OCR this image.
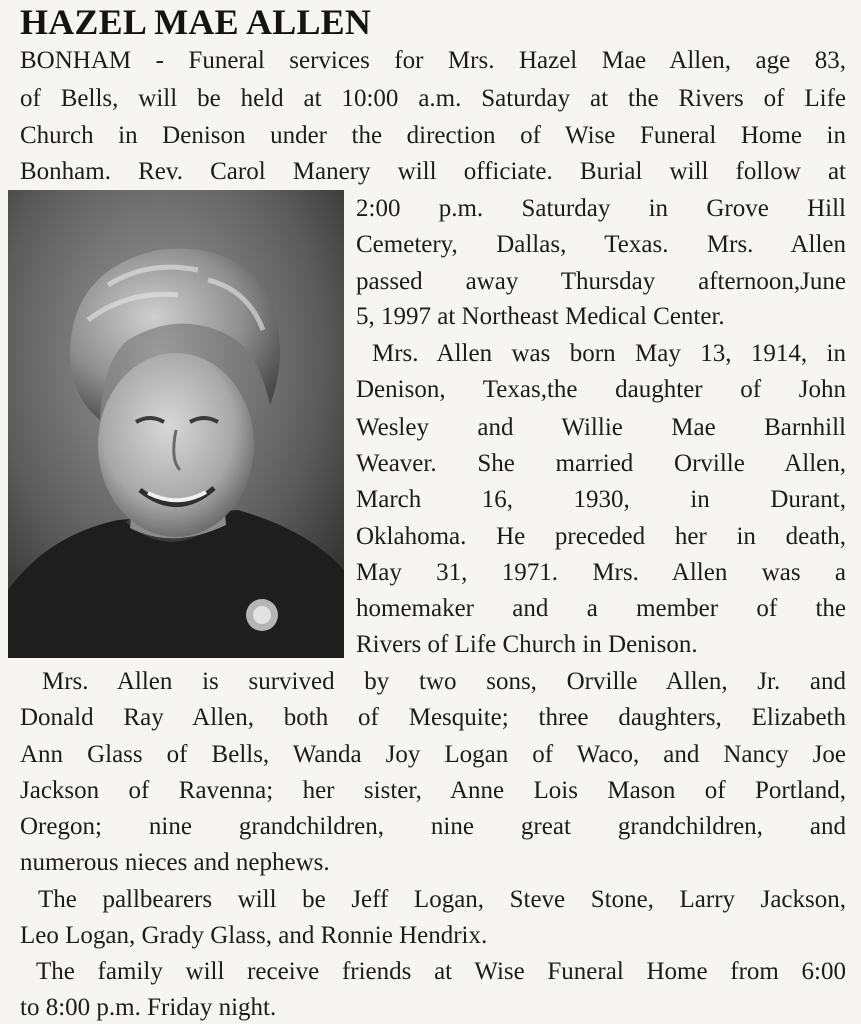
HAZEL MAE ALLEN
BONHAM - Funeral services for Mrs. Hazel Mae Allen, age 83,
of Bells, will be held at 10:00 a.m. Saturday at the Rivers of Life
Church in Denison under the direction of Wise Funeral Home in
Bonham. Rev. Carol Manery will officiate. Burial will follow at
2:00 p.m. Saturday in Grove Hill
Cemetery, Dallas, Texas. Mrs. Allen
passed away Thursday afternoon,June
5, 1997 at Northeast Medical Center.
Mrs. Allen was born May 13, 1914, in
Denison, Texas,the daughter of John
Wesley and Willie Mae Barnhill
Weaver. She married Orville Allen,
March 16, 1930, in Durant,
Oklahoma. He preceded her in death,
May 31, 1971. Mrs. Allen was a
homemaker and a member of the
Rivers of Life Church in Denison.
Mrs. Allen is survived by two sons, Orville Allen, Jr. and
Donald Ray Allen, both of Mesquite; three daughters, Elizabeth
Ann Glass of Bells, Wanda Joy Logan of Waco, and Nancy Joe
Jackson of Ravenna; her sister, Anne Lois Mason of Portland,
Oregon; nine grandchildren, nine great grandchildren, and
numerous nieces and nephews.
The pallbearers will be Jeff Logan, Steve Stone, Larry Jackson,
Leo Logan, Grady Glass, and Ronnie Hendrix.
The family will receive friends at Wise Funeral Home from 6:00
to 8:00 p.m. Friday night.
